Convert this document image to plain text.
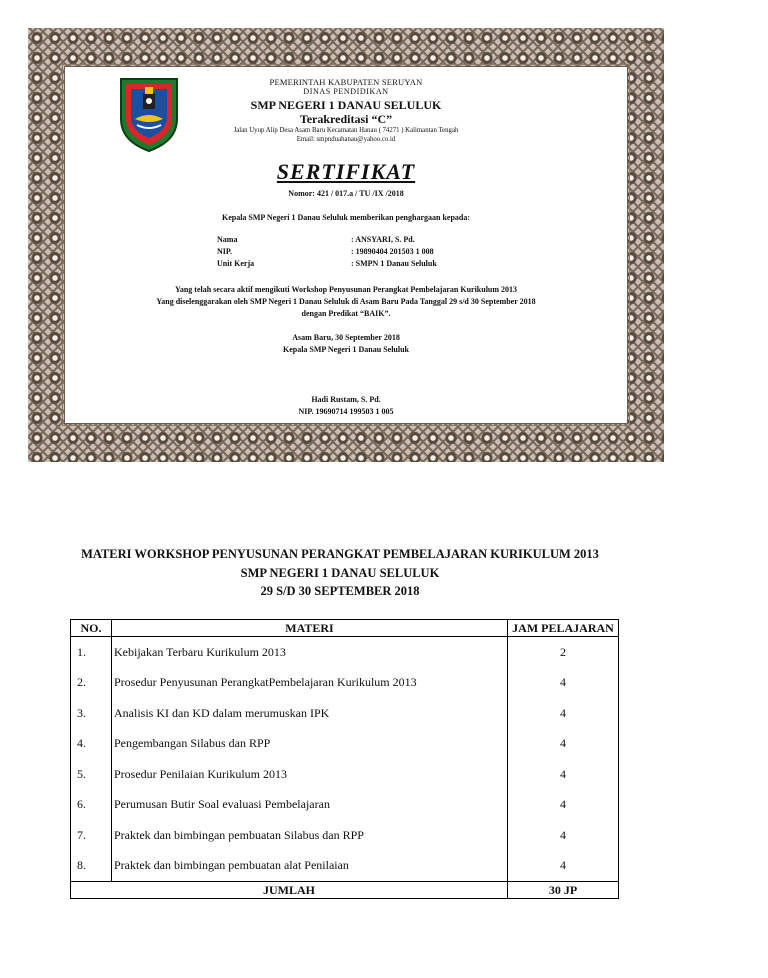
PEMERINTAH KABUPATEN SERUYAN
DINAS PENDIDIKAN
SMP NEGERI 1 DANAU SELULUK
Terakreditasi “C”
Jalan Uyup Alip Desa Asam Baru Kecamatan Hanau ( 74271 ) Kalimantan Tengah
Email: smpnduahanau@yahoo.co.id
SERTIFIKAT
Nomor: 421 / 017.a / TU /IX /2018
Kepala SMP Negeri 1 Danau Seluluk memberikan penghargaan kepada:
Nama	: ANSYARI, S. Pd.
NIP.	: 19890404 201503 1 008
Unit Kerja	: SMPN 1 Danau Seluluk
Yang telah secara aktif mengikuti Workshop Penyusunan Perangkat Pembelajaran Kurikulum 2013
Yang diselenggarakan oleh SMP Negeri 1 Danau Seluluk di Asam Baru Pada Tanggal 29 s/d 30 September 2018
dengan Predikat “BAIK”.
Asam Baru, 30 September 2018
Kepala SMP Negeri 1 Danau Seluluk
Hadi Rustam, S. Pd.
NIP. 19690714 199503 1 005
MATERI WORKSHOP PENYUSUNAN PERANGKAT PEMBELAJARAN KURIKULUM 2013
SMP NEGERI 1 DANAU SELULUK
29 S/D 30 SEPTEMBER 2018
NO.	MATERI	JAM PELAJARAN
1.	Kebijakan Terbaru Kurikulum 2013	2
2.	Prosedur Penyusunan PerangkatPembelajaran Kurikulum 2013	4
3.	Analisis KI dan KD dalam merumuskan IPK	4
4.	Pengembangan Silabus dan RPP	4
5.	Prosedur Penilaian Kurikulum 2013	4
6.	Perumusan Butir Soal evaluasi Pembelajaran	4
7.	Praktek dan bimbingan pembuatan Silabus dan RPP	4
8.	Praktek dan bimbingan pembuatan alat Penilaian	4
JUMLAH		30 JP
